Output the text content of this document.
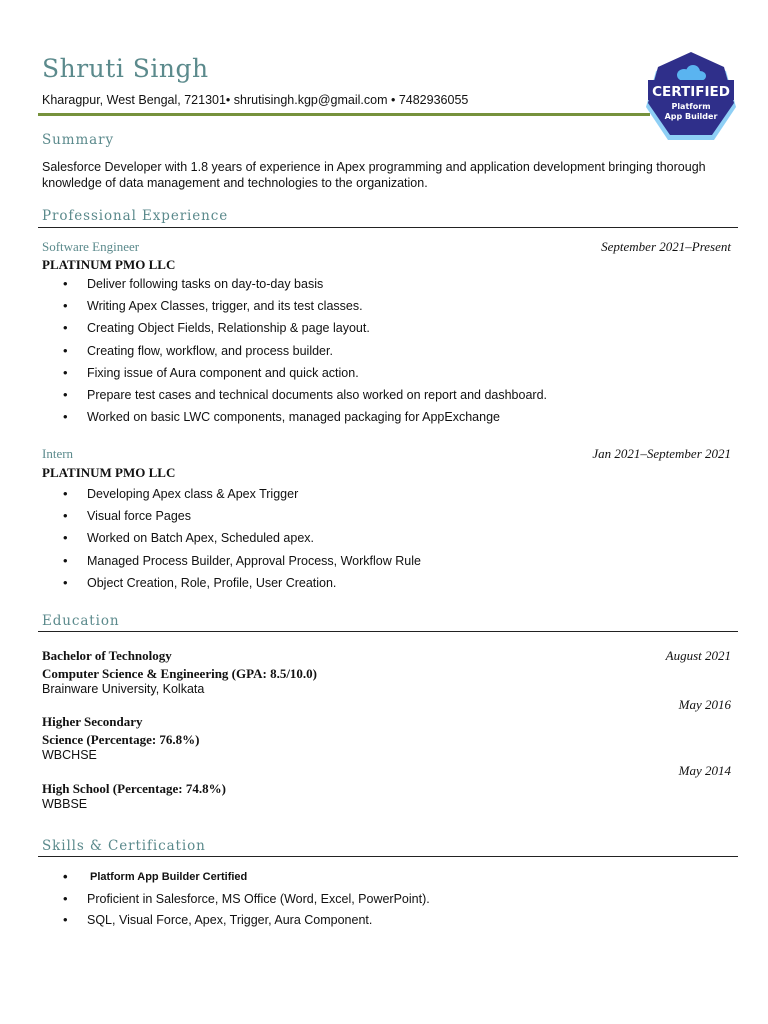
Shruti Singh
Kharagpur, West Bengal, 721301• shrutisingh.kgp@gmail.com • 7482936055	CERTIFIED
Platform
App Builder
Summary
Salesforce Developer with 1.8 years of experience in Apex programming and application development bringing thorough knowledge of data management and technologies to the organization.
Professional Experience
Software Engineer	September 2021–Present
PLATINUM PMO LLC
• Deliver following tasks on day-to-day basis
• Writing Apex Classes, trigger, and its test classes.
• Creating Object Fields, Relationship & page layout.
• Creating flow, workflow, and process builder.
• Fixing issue of Aura component and quick action.
• Prepare test cases and technical documents also worked on report and dashboard.
• Worked on basic LWC components, managed packaging for AppExchange
Intern	Jan 2021–September 2021
PLATINUM PMO LLC
• Developing Apex class & Apex Trigger
• Visual force Pages
• Worked on Batch Apex, Scheduled apex.
• Managed Process Builder, Approval Process, Workflow Rule
• Object Creation, Role, Profile, User Creation.
Education
Bachelor of Technology	August 2021
Computer Science & Engineering (GPA: 8.5/10.0)
Brainware University, Kolkata
May 2016
Higher Secondary
Science (Percentage: 76.8%)
WBCHSE
May 2014
High School (Percentage: 74.8%)
WBBSE
Skills & Certification
• Platform App Builder Certified
• Proficient in Salesforce, MS Office (Word, Excel, PowerPoint).
• SQL, Visual Force, Apex, Trigger, Aura Component.
